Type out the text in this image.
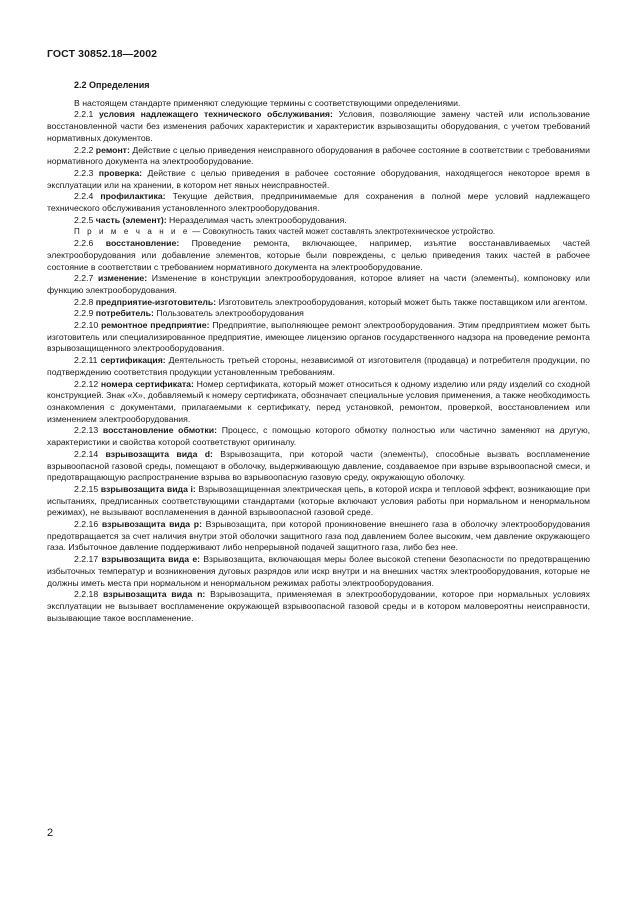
ГОСТ 30852.18—2002

2.2 Определения

В настоящем стандарте применяют следующие термины с соответствующими определениями.

2.2.1 условия надлежащего технического обслуживания: Условия, позволяющие замену частей или использование восстановленной части без изменения рабочих характеристик и характеристик взрывозащиты оборудования, с учетом требований нормативных документов.

2.2.2 ремонт: Действие с целью приведения неисправного оборудования в рабочее состояние в соответствии с требованиями нормативного документа на электрооборудование.

2.2.3 проверка: Действие с целью приведения в рабочее состояние оборудования, находящегося некоторое время в эксплуатации или на хранении, в котором нет явных неисправностей.

2.2.4 профилактика: Текущие действия, предпринимаемые для сохранения в полной мере условий надлежащего технического обслуживания установленного электрооборудования.

2.2.5 часть (элемент): Неразделимая часть электрооборудования.

П р и м е ч а н и е — Совокупность таких частей может составлять электротехническое устройство.

2.2.6 восстановление: Проведение ремонта, включающее, например, изъятие восстанавливаемых частей электрооборудования или добавление элементов, которые были повреждены, с целью приведения таких частей в рабочее состояние в соответствии с требованием нормативного документа на электрооборудование.

2.2.7 изменение: Изменение в конструкции электрооборудования, которое влияет на части (элементы), компоновку или функцию электрооборудования.

2.2.8 предприятие-изготовитель: Изготовитель электрооборудования, который может быть также поставщиком или агентом.

2.2.9 потребитель: Пользователь электрооборудования

2.2.10 ремонтное предприятие: Предприятие, выполняющее ремонт электрооборудования. Этим предприятием может быть изготовитель или специализированное предприятие, имеющее лицензию органов государственного надзора на проведение ремонта взрывозащищенного электрооборудования.

2.2.11 сертификация: Деятельность третьей стороны, независимой от изготовителя (продавца) и потребителя продукции, по подтверждению соответствия продукции установленным требованиям.

2.2.12 номера сертификата: Номер сертификата, который может относиться к одному изделию или ряду изделий со сходной конструкцией. Знак «Х», добавляемый к номеру сертификата, обозначает специальные условия применения, а также необходимость ознакомления с документами, прилагаемыми к сертификату, перед установкой, ремонтом, проверкой, восстановлением или изменением электрооборудования.

2.2.13 восстановление обмотки: Процесс, с помощью которого обмотку полностью или частично заменяют на другую, характеристики и свойства которой соответствуют оригиналу.

2.2.14 взрывозащита вида d: Взрывозащита, при которой части (элементы), способные вызвать воспламенение взрывоопасной газовой среды, помещают в оболочку, выдерживающую давление, создаваемое при взрыве взрывоопасной смеси, и предотвращающую распространение взрыва во взрывоопасную газовую среду, окружающую оболочку.

2.2.15 взрывозащита вида i: Взрывозащищенная электрическая цепь, в которой искра и тепловой эффект, возникающие при испытаниях, предписанных соответствующими стандартами (которые включают условия работы при нормальном и ненормальном режимах), не вызывают воспламенения в данной взрывоопасной газовой среде.

2.2.16 взрывозащита вида p: Взрывозащита, при которой проникновение внешнего газа в оболочку электрооборудования предотвращается за счет наличия внутри этой оболочки защитного газа под давлением более высоким, чем давление окружающего газа. Избыточное давление поддерживают либо непрерывной подачей защитного газа, либо без нее.

2.2.17 взрывозащита вида e: Взрывозащита, включающая меры более высокой степени безопасности по предотвращению избыточных температур и возникновения дуговых разрядов или искр внутри и на внешних частях электрооборудования, которые не должны иметь места при нормальном и ненормальном режимах работы электрооборудования.

2.2.18 взрывозащита вида n: Взрывозащита, применяемая в электрооборудовании, которое при нормальных условиях эксплуатации не вызывает воспламенение окружающей взрывоопасной газовой среды и в котором маловероятны неисправности, вызывающие такое воспламенение.

2
